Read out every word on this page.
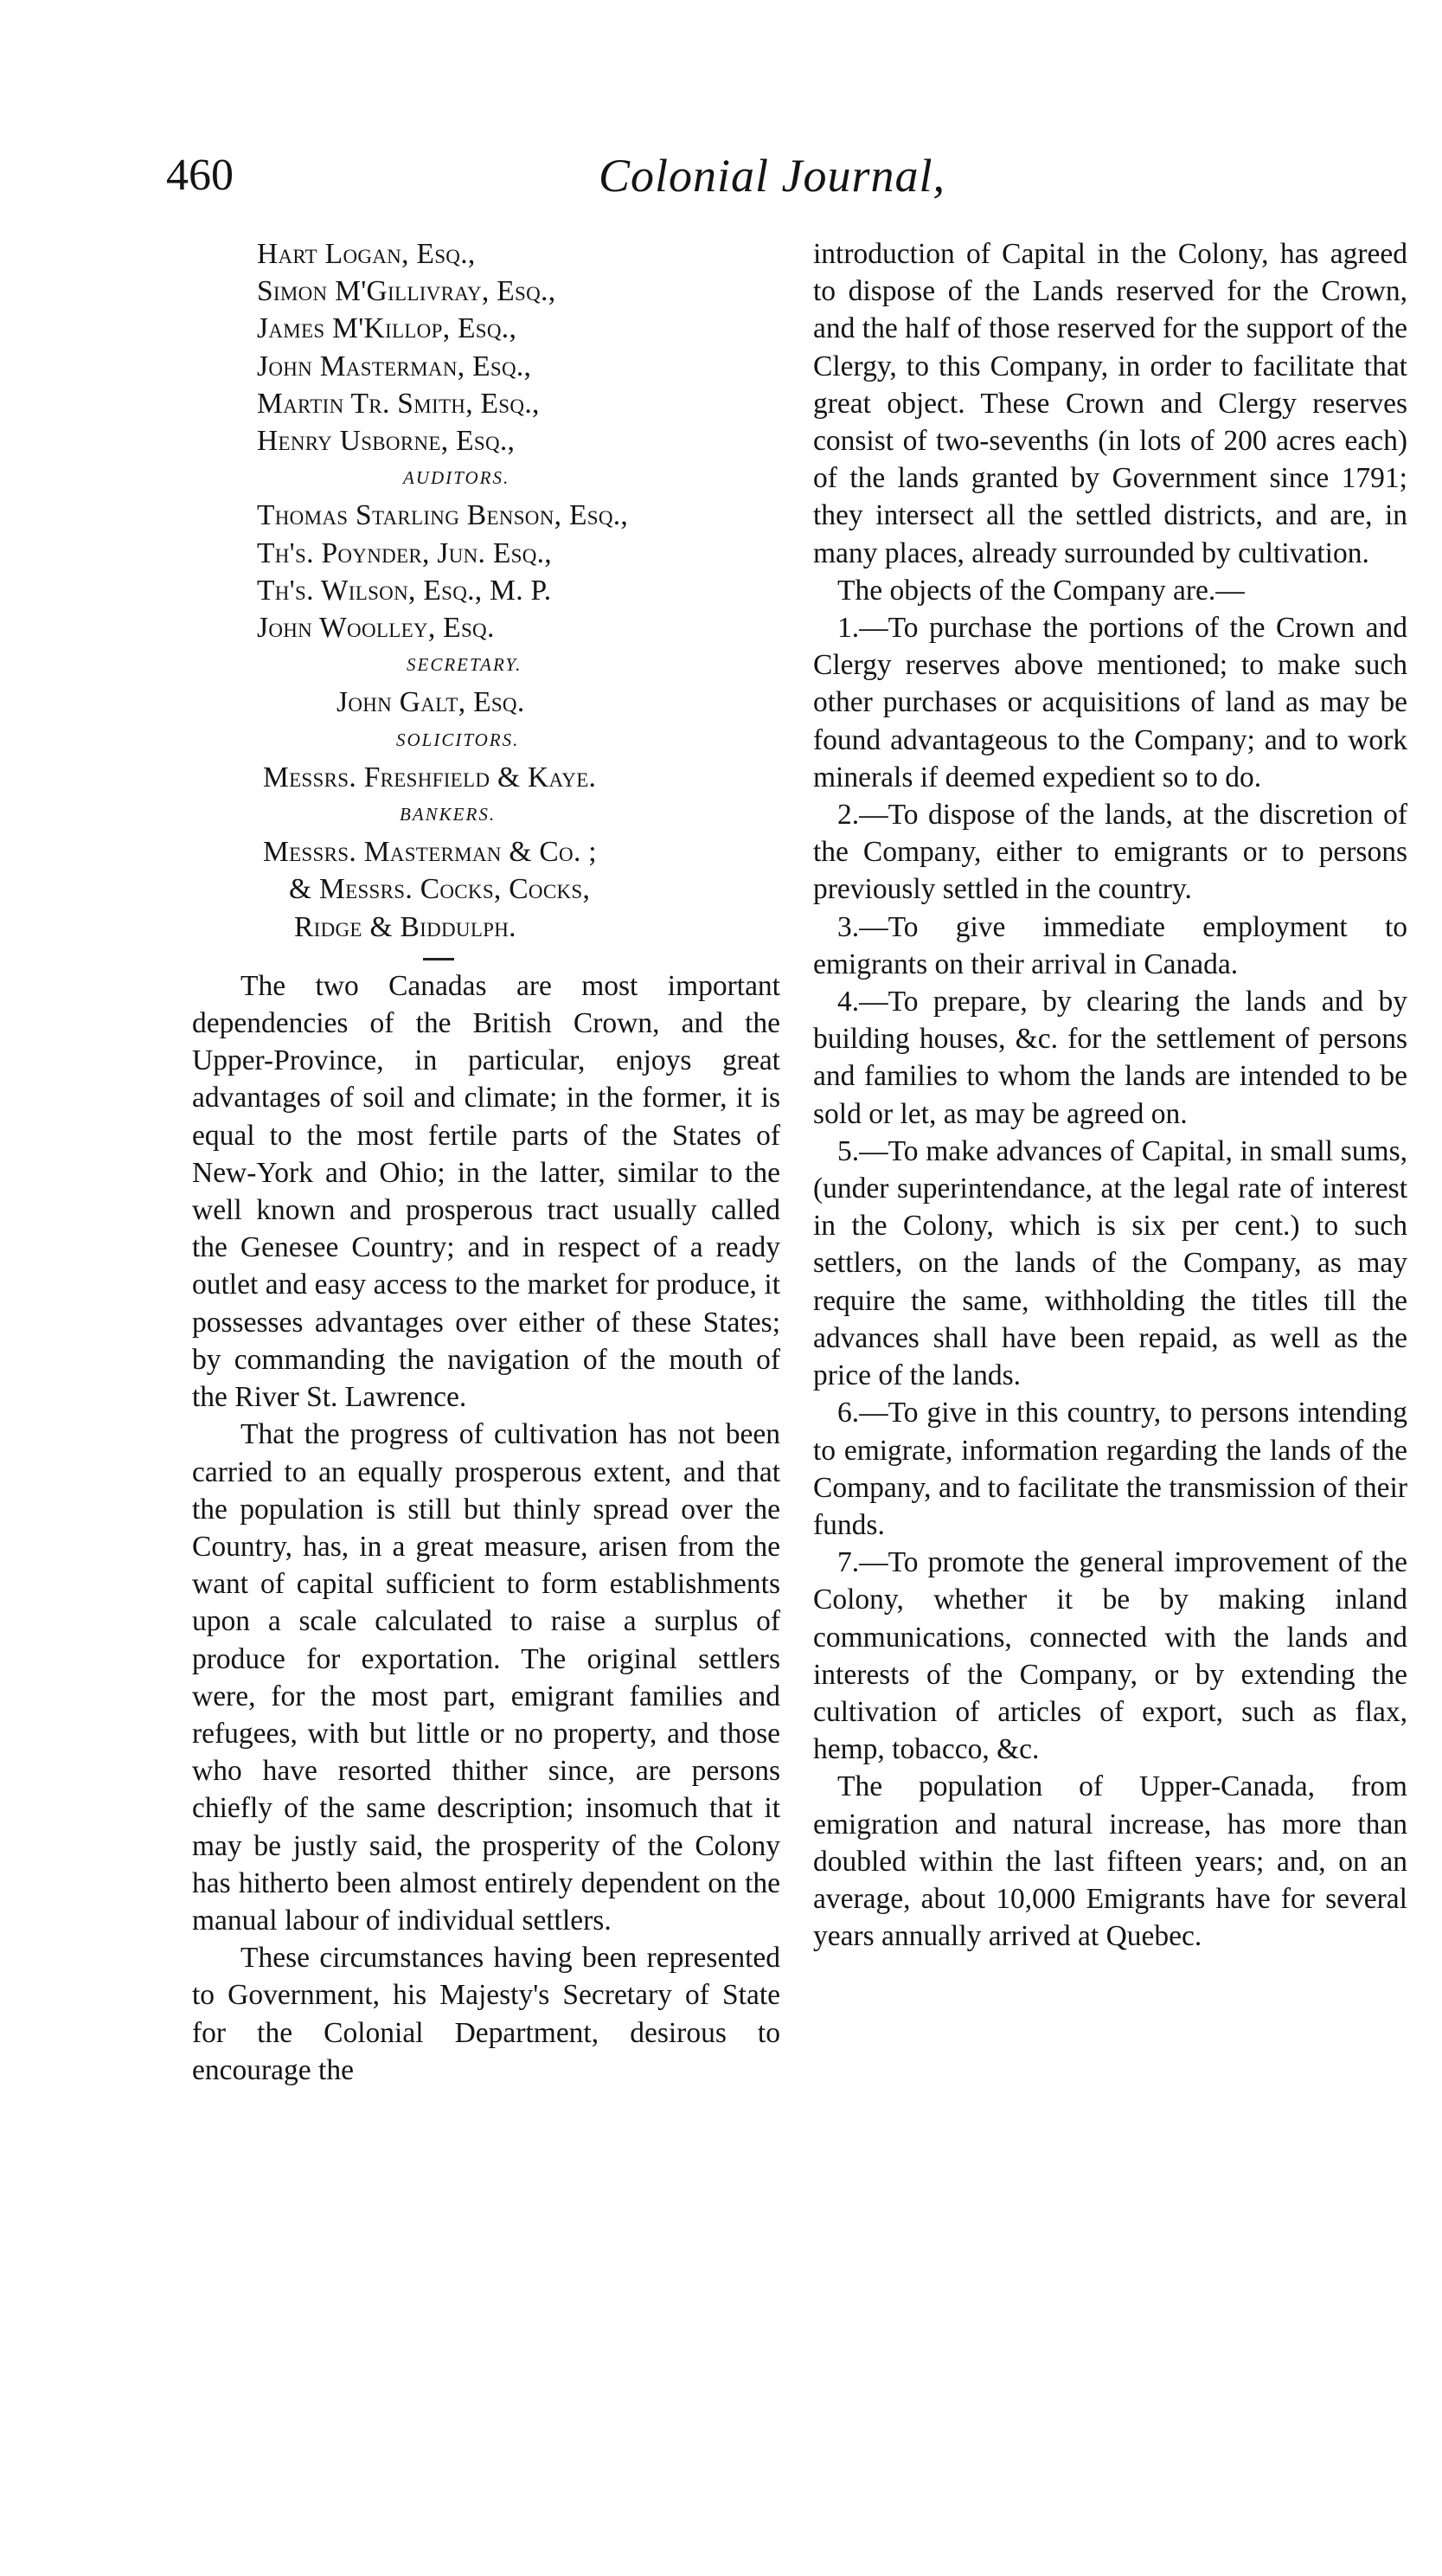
460	Colonial Journal,
Hart Logan, Esq.,
Simon M'Gillivray, Esq.,
James M'Killop, Esq.,
John Masterman, Esq.,
Martin Tr. Smith, Esq.,
Henry Usborne, Esq.,
AUDITORS.
Thomas Starling Benson, Esq.,
Th's. Poynder, Jun. Esq.,
Th's. Wilson, Esq., M. P.
John Woolley, Esq.
SECRETARY.
John Galt, Esq.
SOLICITORS.
Messrs. Freshfield & Kaye.
BANKERS.
Messrs. Masterman & Co. ;
& Messrs. Cocks, Cocks,
Ridge & Biddulph.

The two Canadas are most important dependencies of the British Crown, and the Upper-Province, in particular, enjoys great advantages of soil and climate; in the former, it is equal to the most fertile parts of the States of New-York and Ohio; in the latter, similar to the well known and prosperous tract usually called the Genesee Country; and in respect of a ready outlet and easy access to the market for produce, it possesses advantages over either of these States; by commanding the navigation of the mouth of the River St. Lawrence.

That the progress of cultivation has not been carried to an equally prosperous extent, and that the population is still but thinly spread over the Country, has, in a great measure, arisen from the want of capital sufficient to form establishments upon a scale calculated to raise a surplus of produce for exportation. The original settlers were, for the most part, emigrant families and refugees, with but little or no property, and those who have resorted thither since, are persons chiefly of the same description; insomuch that it may be justly said, the prosperity of the Colony has hitherto been almost entirely dependent on the manual labour of individual settlers.

These circumstances having been represented to Government, his Majesty's Secretary of State for the Colonial Department, desirous to encourage the

introduction of Capital in the Colony, has agreed to dispose of the Lands reserved for the Crown, and the half of those reserved for the support of the Clergy, to this Company, in order to facilitate that great object. These Crown and Clergy reserves consist of two-sevenths (in lots of 200 acres each) of the lands granted by Government since 1791; they intersect all the settled districts, and are, in many places, already surrounded by cultivation.

The objects of the Company are.—

1.—To purchase the portions of the Crown and Clergy reserves above mentioned; to make such other purchases or acquisitions of land as may be found advantageous to the Company; and to work minerals if deemed expedient so to do.

2.—To dispose of the lands, at the discretion of the Company, either to emigrants or to persons previously settled in the country.

3.—To give immediate employment to emigrants on their arrival in Canada.

4.—To prepare, by clearing the lands and by building houses, &c. for the settlement of persons and families to whom the lands are intended to be sold or let, as may be agreed on.

5.—To make advances of Capital, in small sums, (under superintendance, at the legal rate of interest in the Colony, which is six per cent.) to such settlers, on the lands of the Company, as may require the same, withholding the titles till the advances shall have been repaid, as well as the price of the lands.

6.—To give in this country, to persons intending to emigrate, information regarding the lands of the Company, and to facilitate the transmission of their funds.

7.—To promote the general improvement of the Colony, whether it be by making inland communications, connected with the lands and interests of the Company, or by extending the cultivation of articles of export, such as flax, hemp, tobacco, &c.

The population of Upper-Canada, from emigration and natural increase, has more than doubled within the last fifteen years; and, on an average, about 10,000 Emigrants have for several years annually arrived at Quebec.
